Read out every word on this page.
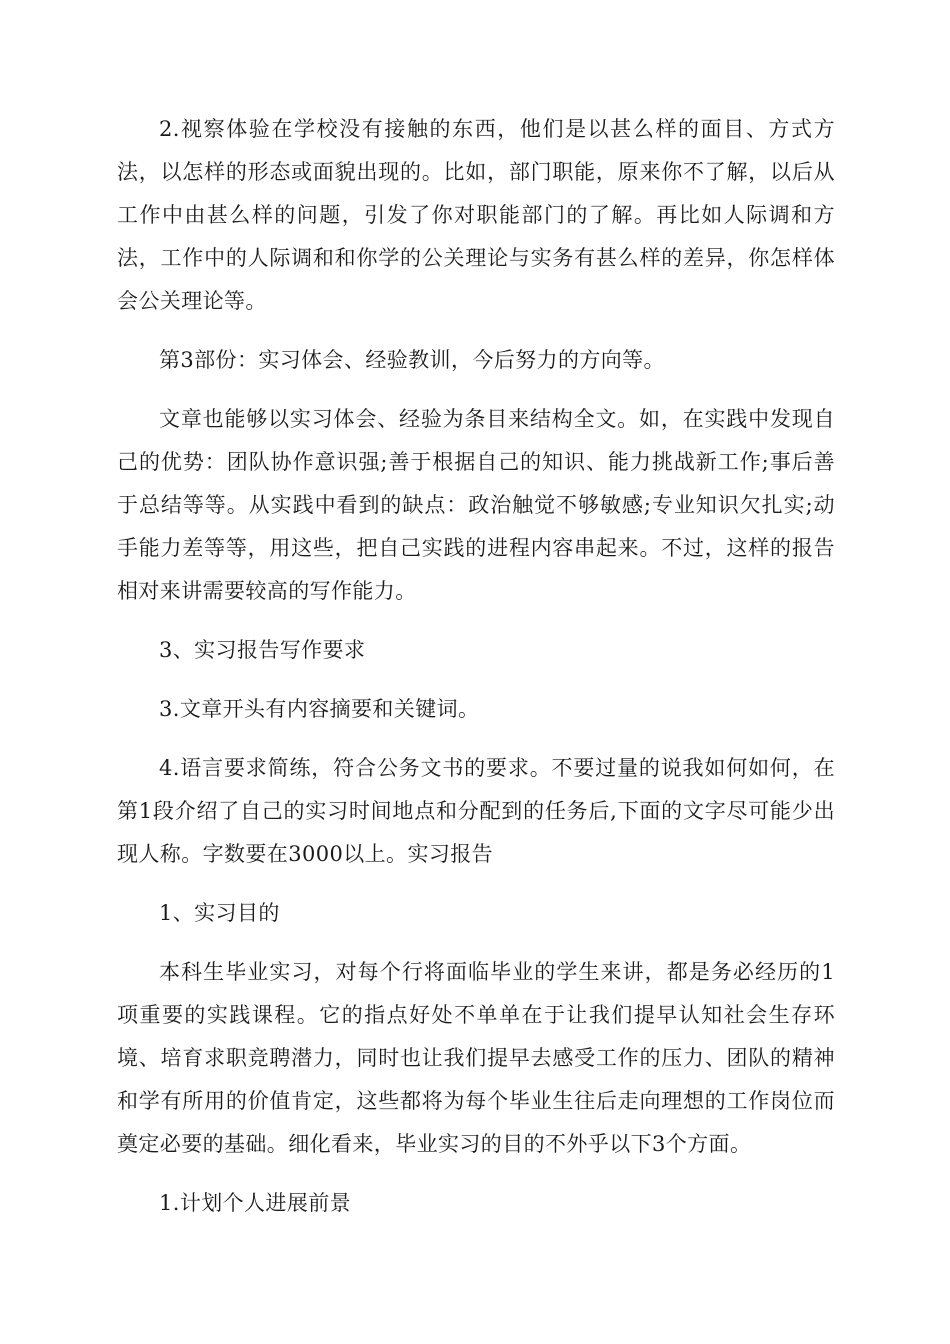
2.视察体验在学校没有接触的东西，他们是以甚么样的面目、方式方法，以怎样的形态或面貌出现的。比如，部门职能，原来你不了解，以后从工作中由甚么样的问题，引发了你对职能部门的了解。再比如人际调和方法，工作中的人际调和和你学的公关理论与实务有甚么样的差异，你怎样体会公关理论等。

第3部份：实习体会、经验教训，今后努力的方向等。

文章也能够以实习体会、经验为条目来结构全文。如，在实践中发现自己的优势：团队协作意识强;善于根据自己的知识、能力挑战新工作;事后善于总结等等。从实践中看到的缺点：政治触觉不够敏感;专业知识欠扎实;动手能力差等等，用这些，把自己实践的进程内容串起来。不过，这样的报告相对来讲需要较高的写作能力。

3、实习报告写作要求

3.文章开头有内容摘要和关键词。

4.语言要求简练，符合公务文书的要求。不要过量的说我如何如何，在第1段介绍了自己的实习时间地点和分配到的任务后,下面的文字尽可能少出现人称。字数要在3000以上。实习报告

1、实习目的

本科生毕业实习，对每个行将面临毕业的学生来讲，都是务必经历的1项重要的实践课程。它的指点好处不单单在于让我们提早认知社会生存环境、培育求职竞聘潜力，同时也让我们提早去感受工作的压力、团队的精神和学有所用的价值肯定，这些都将为每个毕业生往后走向理想的工作岗位而奠定必要的基础。细化看来，毕业实习的目的不外乎以下3个方面。

1.计划个人进展前景
